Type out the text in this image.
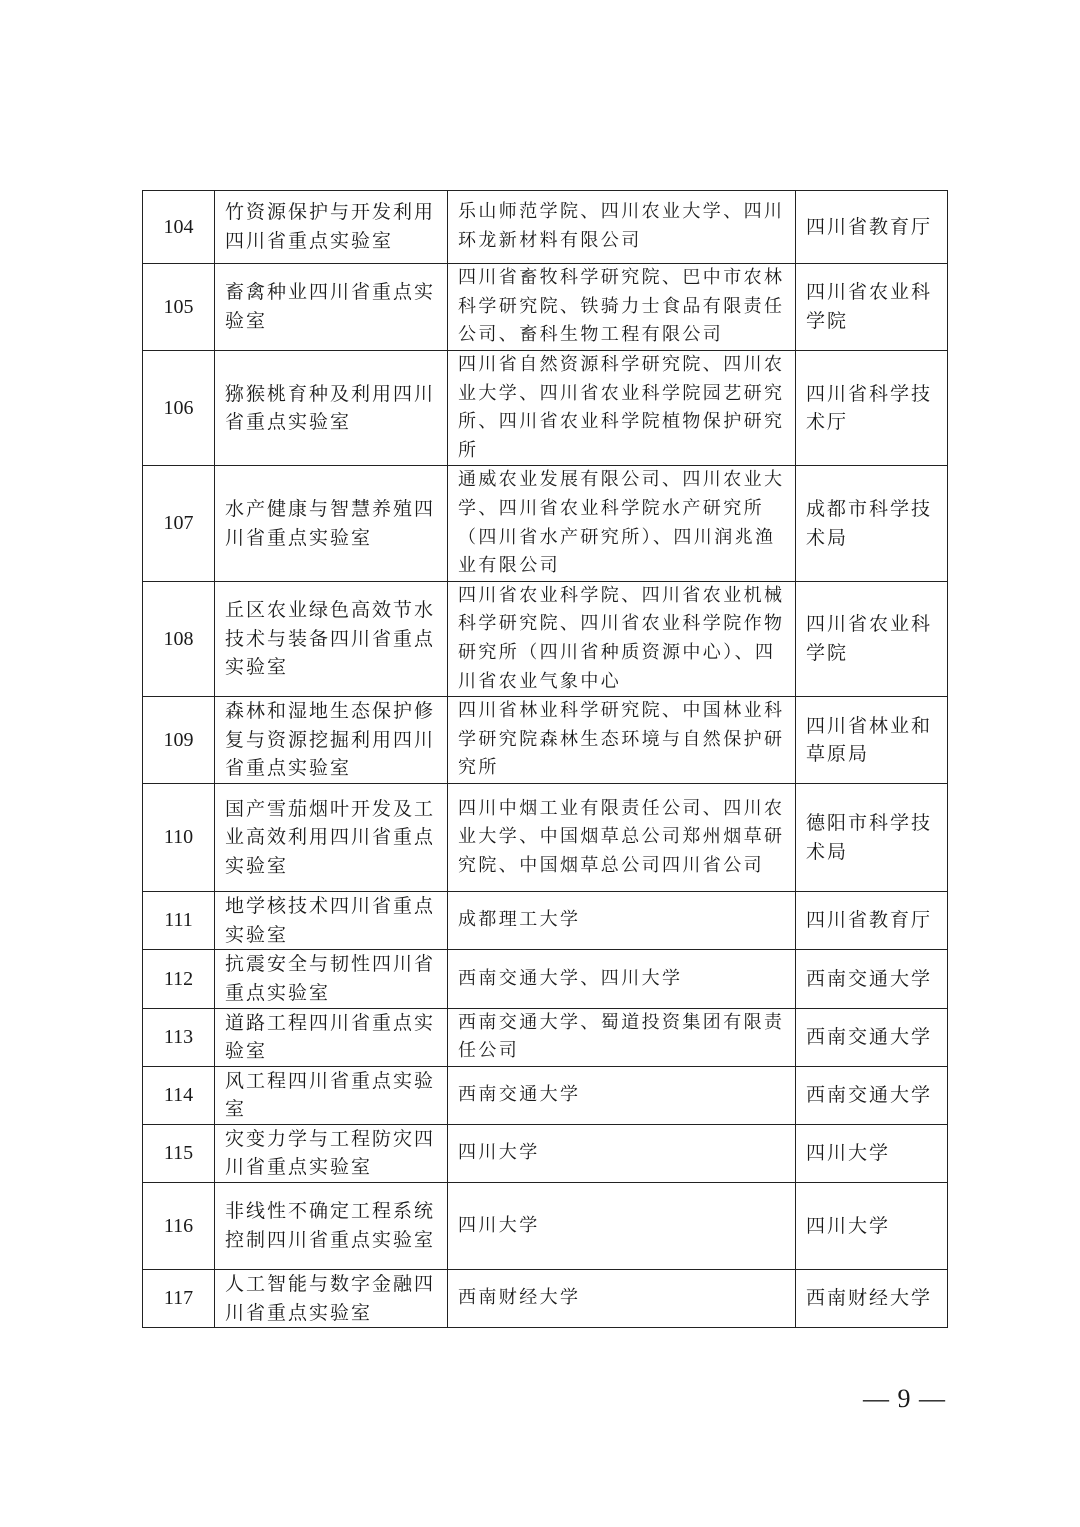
104	竹资源保护与开发利用四川省重点实验室	乐山师范学院、四川农业大学、四川环龙新材料有限公司	四川省教育厅
105	畜禽种业四川省重点实验室	四川省畜牧科学研究院、巴中市农林科学研究院、铁骑力士食品有限责任公司、畜科生物工程有限公司	四川省农业科学院
106	猕猴桃育种及利用四川省重点实验室	四川省自然资源科学研究院、四川农业大学、四川省农业科学院园艺研究所、四川省农业科学院植物保护研究所	四川省科学技术厅
107	水产健康与智慧养殖四川省重点实验室	通威农业发展有限公司、四川农业大学、四川省农业科学院水产研究所（四川省水产研究所）、四川润兆渔业有限公司	成都市科学技术局
108	丘区农业绿色高效节水技术与装备四川省重点实验室	四川省农业科学院、四川省农业机械科学研究院、四川省农业科学院作物研究所（四川省种质资源中心）、四川省农业气象中心	四川省农业科学院
109	森林和湿地生态保护修复与资源挖掘利用四川省重点实验室	四川省林业科学研究院、中国林业科学研究院森林生态环境与自然保护研究所	四川省林业和草原局
110	国产雪茄烟叶开发及工业高效利用四川省重点实验室	四川中烟工业有限责任公司、四川农业大学、中国烟草总公司郑州烟草研究院、中国烟草总公司四川省公司	德阳市科学技术局
111	地学核技术四川省重点实验室	成都理工大学	四川省教育厅
112	抗震安全与韧性四川省重点实验室	西南交通大学、四川大学	西南交通大学
113	道路工程四川省重点实验室	西南交通大学、蜀道投资集团有限责任公司	西南交通大学
114	风工程四川省重点实验室	西南交通大学	西南交通大学
115	灾变力学与工程防灾四川省重点实验室	四川大学	四川大学
116	非线性不确定工程系统控制四川省重点实验室	四川大学	四川大学
117	人工智能与数字金融四川省重点实验室	西南财经大学	西南财经大学
— 9 —
